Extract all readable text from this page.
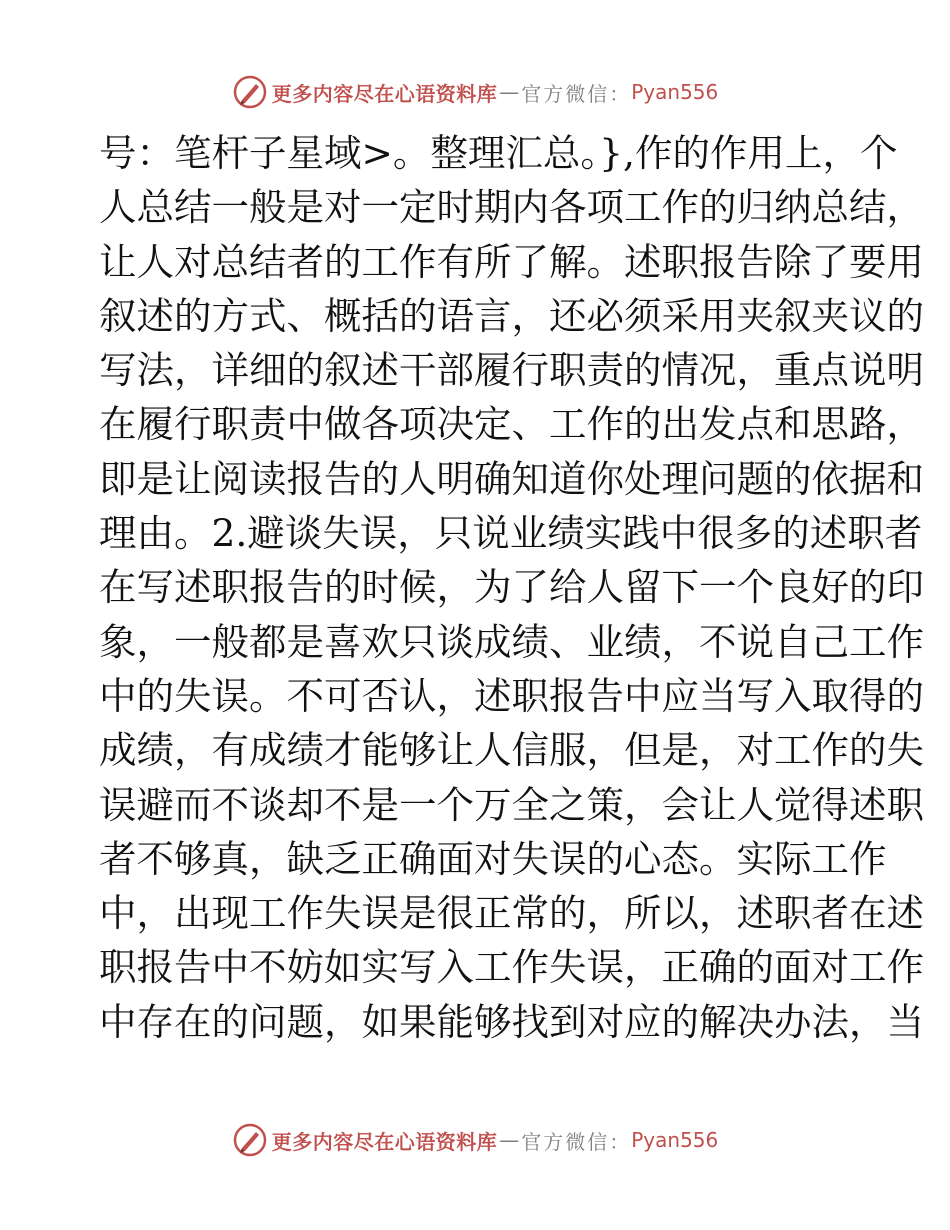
更多内容尽在心语资料库 — 官方微信： Pyan556
号：笔杆子星域>。整理汇总。},作的作用上，个
人总结一般是对一定时期内各项工作的归纳总结，
让人对总结者的工作有所了解。述职报告除了要用
叙述的方式、概括的语言，还必须采用夹叙夹议的
写法，详细的叙述干部履行职责的情况，重点说明
在履行职责中做各项决定、工作的出发点和思路，
即是让阅读报告的人明确知道你处理问题的依据和
理由。2.避谈失误，只说业绩实践中很多的述职者
在写述职报告的时候，为了给人留下一个良好的印
象，一般都是喜欢只谈成绩、业绩，不说自己工作
中的失误。不可否认，述职报告中应当写入取得的
成绩，有成绩才能够让人信服，但是，对工作的失
误避而不谈却不是一个万全之策，会让人觉得述职
者不够真，缺乏正确面对失误的心态。实际工作
中，出现工作失误是很正常的，所以，述职者在述
职报告中不妨如实写入工作失误，正确的面对工作
中存在的问题，如果能够找到对应的解决办法，当
更多内容尽在心语资料库 — 官方微信： Pyan556
